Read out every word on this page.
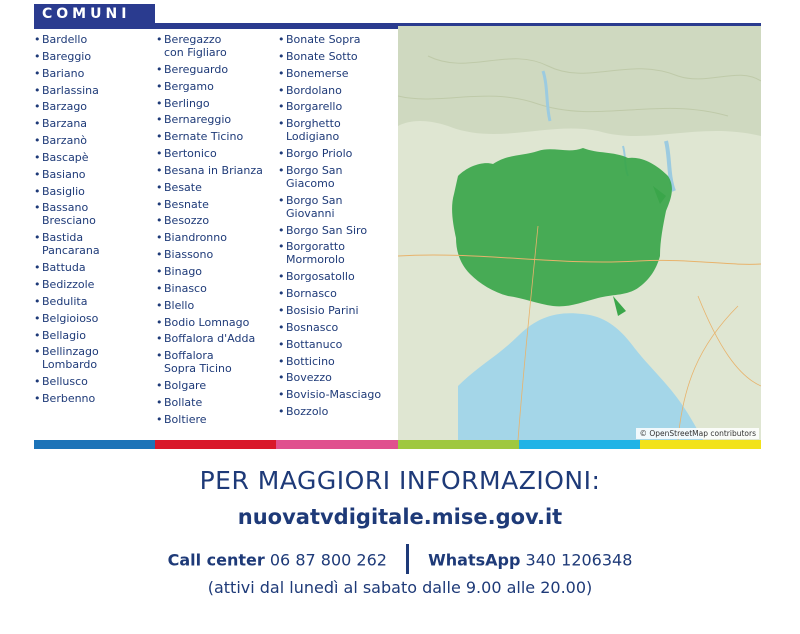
COMUNI
• Bardello
• Bareggio
• Bariano
• Barlassina
• Barzago
• Barzana
• Barzanò
• Bascapè
• Basiano
• Basiglio
• Bassano
Bresciano
• Bastida
Pancarana
• Battuda
• Bedizzole
• Bedulita
• Belgioioso
• Bellagio
• Bellinzago
Lombardo
• Bellusco
• Berbenno
• Beregazzo
con Figliaro
• Bereguardo
• Bergamo
• Berlingo
• Bernareggio
• Bernate Ticino
• Bertonico
• Besana in Brianza
• Besate
• Besnate
• Besozzo
• Biandronno
• Biassono
• Binago
• Binasco
• Blello
• Bodio Lomnago
• Boffalora d'Adda
• Boffalora
Sopra Ticino
• Bolgare
• Bollate
• Boltiere
• Bonate Sopra
• Bonate Sotto
• Bonemerse
• Bordolano
• Borgarello
• Borghetto
Lodigiano
• Borgo Priolo
• Borgo San
Giacomo
• Borgo San
Giovanni
• Borgo San Siro
• Borgoratto
Mormorolo
• Borgosatollo
• Bornasco
• Bosisio Parini
• Bosnasco
• Bottanuco
• Botticino
• Bovezzo
• Bovisio-Masciago
• Bozzolo
© OpenStreetMap contributors
PER MAGGIORI INFORMAZIONI:
nuovatvdigitale.mise.gov.it
Call center 06 87 800 262	WhatsApp 340 1206348
(attivi dal lunedì al sabato dalle 9.00 alle 20.00)
